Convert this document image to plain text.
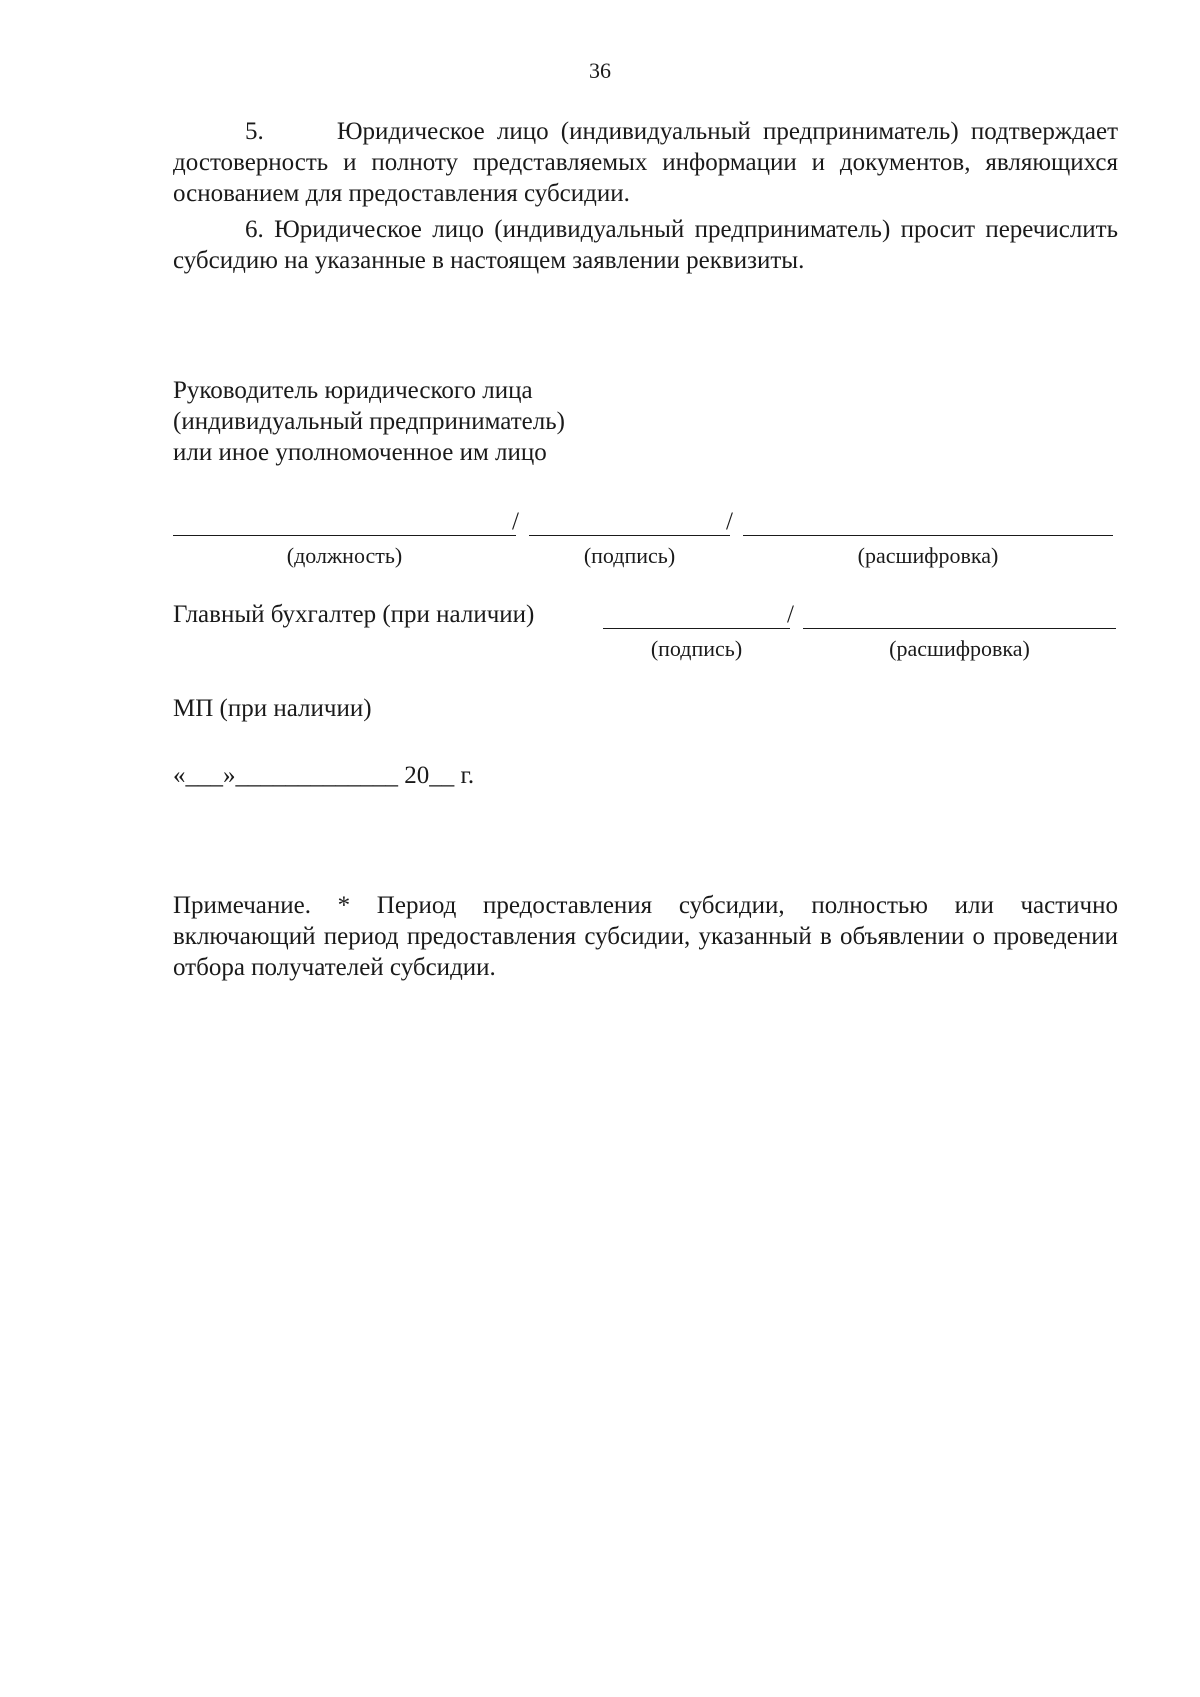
36

5.      Юридическое лицо (индивидуальный предприниматель) подтверждает достоверность и полноту представляемых информации и документов, являющихся основанием для предоставления субсидии.

6. Юридическое лицо (индивидуальный предприниматель) просит перечислить субсидию на указанные в настоящем заявлении реквизиты.

Руководитель юридического лица
(индивидуальный предприниматель)
или иное уполномоченное им лицо
/	/
(должность)	(подпись)	(расшифровка)
Главный бухгалтер (при наличии)	/
(подпись)	(расшифровка)
МП (при наличии)
«___»_____________ 20__ г.

Примечание. * Период предоставления субсидии, полностью или частично включающий период предоставления субсидии, указанный в объявлении о проведении отбора получателей субсидии.
